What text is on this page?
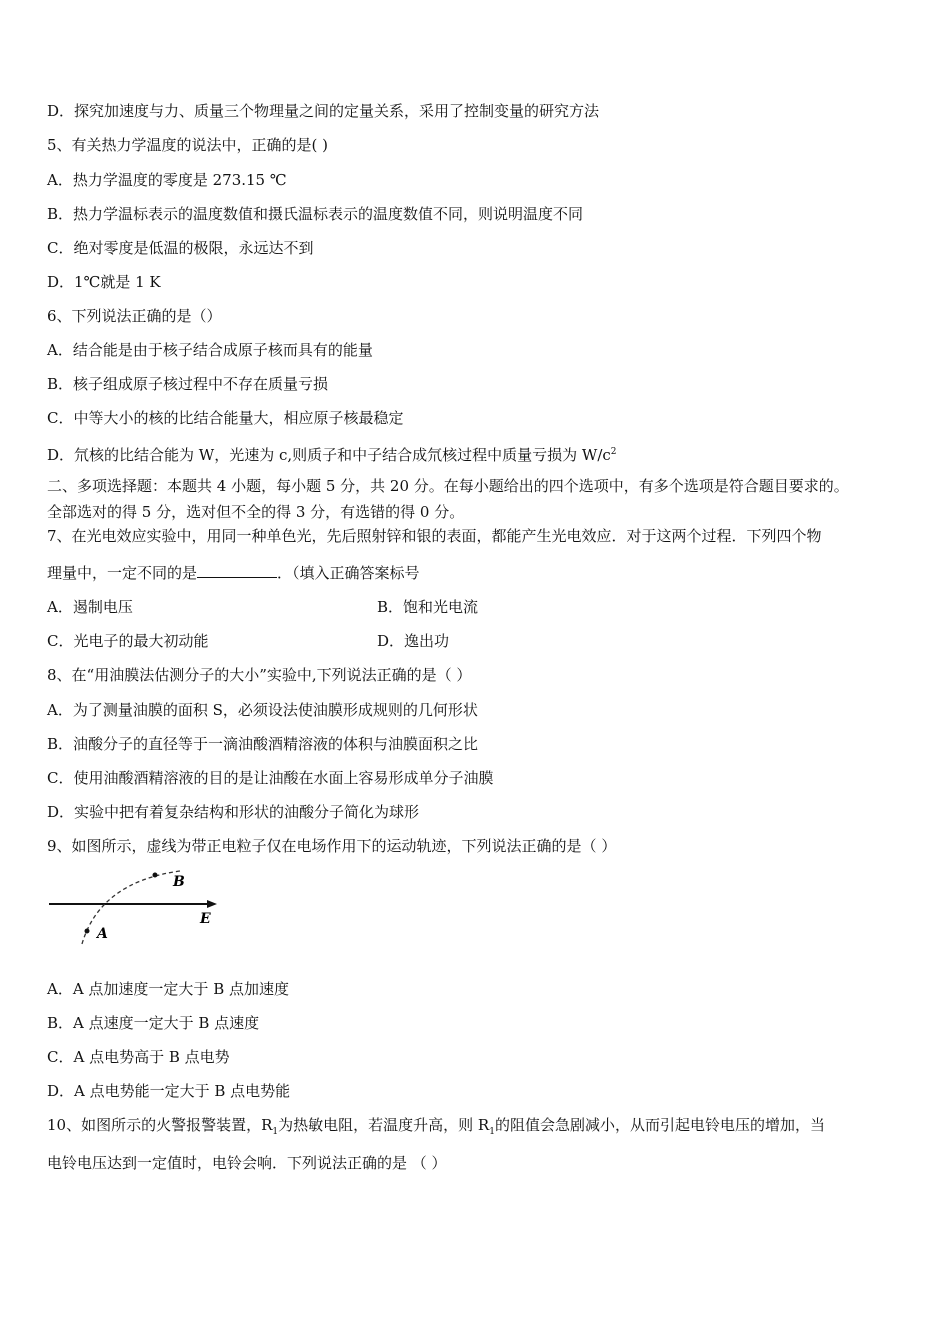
D．探究加速度与力、质量三个物理量之间的定量关系，采用了控制变量的研究方法
5、有关热力学温度的说法中，正确的是( )
A．热力学温度的零度是 273.15 ℃
B．热力学温标表示的温度数值和摄氏温标表示的温度数值不同，则说明温度不同
C．绝对零度是低温的极限，永远达不到
D．1℃就是 1 K
6、下列说法正确的是（）
A．结合能是由于核子结合成原子核而具有的能量
B．核子组成原子核过程中不存在质量亏损
C．中等大小的核的比结合能量大，相应原子核最稳定
D．氘核的比结合能为 W，光速为 c,则质子和中子结合成氘核过程中质量亏损为 $W/c^2$
二、多项选择题：本题共 4 小题，每小题 5 分，共 20 分。在每小题给出的四个选项中，有多个选项是符合题目要求的。
全部选对的得 5 分，选对但不全的得 3 分，有选错的得 0 分。
7、在光电效应实验中，用同一种单色光，先后照射锌和银的表面，都能产生光电效应．对于这两个过程．下列四个物
理量中，一定不同的是	．（填入正确答案标号
A．遏制电压	B．饱和光电流
C．光电子的最大初动能	D．逸出功
8、在“用油膜法估测分子的大小”实验中,下列说法正确的是（ ）
A．为了测量油膜的面积 S，必须设法使油膜形成规则的几何形状
B．油酸分子的直径等于一滴油酸酒精溶液的体积与油膜面积之比
C．使用油酸酒精溶液的目的是让油酸在水面上容易形成单分子油膜
D．实验中把有着复杂结构和形状的油酸分子简化为球形
9、如图所示，虚线为带正电粒子仅在电场作用下的运动轨迹，下列说法正确的是（ ）
A
B
E
A．A 点加速度一定大于 B 点加速度
B．A 点速度一定大于 B 点速度
C．A 点电势高于 B 点电势
D．A 点电势能一定大于 B 点电势能
10、如图所示的火警报警装置，$R_1$为热敏电阻，若温度升高，则 $R_1$的阻值会急剧减小，从而引起电铃电压的增加，当
电铃电压达到一定值时，电铃会响．下列说法正确的是 （ ）
